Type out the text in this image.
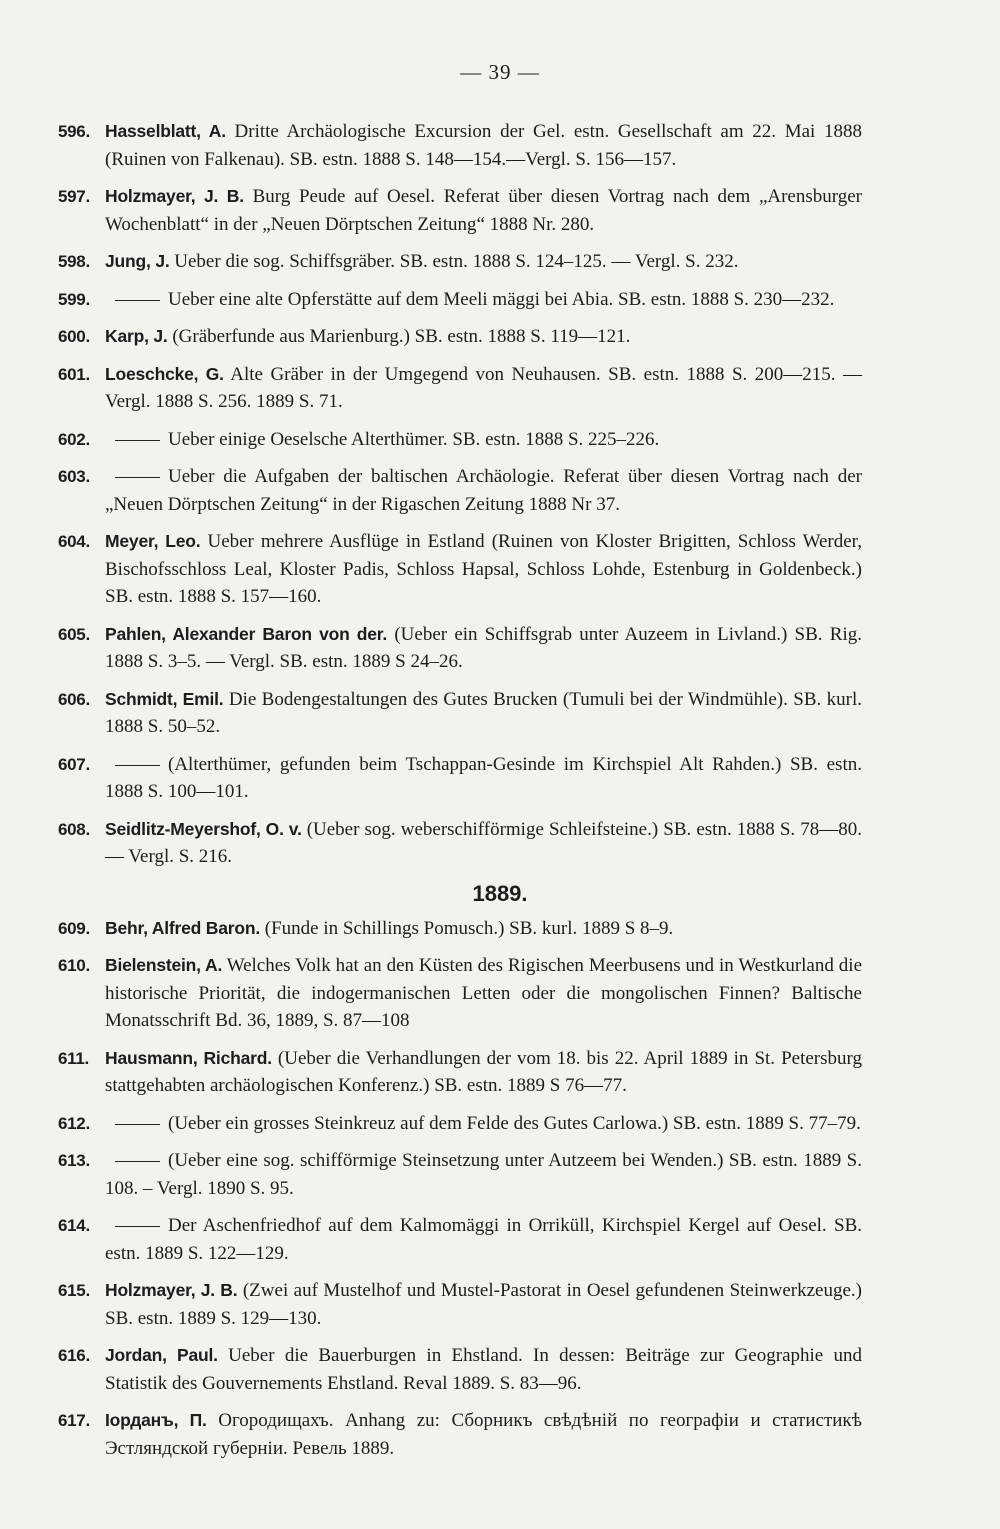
— 39 —
596. Hasselblatt, A. Dritte Archäologische Excursion der Gel. estn. Gesellschaft am 22. Mai 1888 (Ruinen von Falkenau). SB. estn. 1888 S. 148—154.—Vergl. S. 156—157.
597. Holzmayer, J. B. Burg Peude auf Oesel. Referat über diesen Vortrag nach dem „Arensburger Wochenblatt“ in der „Neuen Dörptschen Zeitung“ 1888 Nr. 280.
598. Jung, J. Ueber die sog. Schiffsgräber. SB. estn. 1888 S. 124–125. — Vergl. S. 232.
599.	Ueber eine alte Opferstätte auf dem Meeli mäggi bei Abia. SB. estn. 1888 S. 230—232.
600. Karp, J. (Gräberfunde aus Marienburg.) SB. estn. 1888 S. 119—121.
601. Loeschcke, G. Alte Gräber in der Umgegend von Neuhausen. SB. estn. 1888 S. 200—215. — Vergl. 1888 S. 256. 1889 S. 71.
602.	Ueber einige Oeselsche Alterthümer. SB. estn. 1888 S. 225–226.
603.	Ueber die Aufgaben der baltischen Archäologie. Referat über diesen Vortrag nach der „Neuen Dörptschen Zeitung“ in der Rigaschen Zeitung 1888 Nr 37.
604. Meyer, Leo. Ueber mehrere Ausflüge in Estland (Ruinen von Kloster Brigitten, Schloss Werder, Bischofsschloss Leal, Kloster Padis, Schloss Hapsal, Schloss Lohde, Estenburg in Goldenbeck.) SB. estn. 1888 S. 157—160.
605. Pahlen, Alexander Baron von der. (Ueber ein Schiffsgrab unter Auzeem in Livland.) SB. Rig. 1888 S. 3–5. — Vergl. SB. estn. 1889 S 24–26.
606. Schmidt, Emil. Die Bodengestaltungen des Gutes Brucken (Tumuli bei der Windmühle). SB. kurl. 1888 S. 50–52.
607.	(Alterthümer, gefunden beim Tschappan-Gesinde im Kirchspiel Alt Rahden.) SB. estn. 1888 S. 100—101.
608. Seidlitz-Meyershof, O. v. (Ueber sog. weberschifförmige Schleifsteine.) SB. estn. 1888 S. 78—80. — Vergl. S. 216.
1889.
609. Behr, Alfred Baron. (Funde in Schillings Pomusch.) SB. kurl. 1889 S 8–9.
610. Bielenstein, A. Welches Volk hat an den Küsten des Rigischen Meerbusens und in Westkurland die historische Priorität, die indogermanischen Letten oder die mongolischen Finnen? Baltische Monatsschrift Bd. 36, 1889, S. 87—108
611. Hausmann, Richard. (Ueber die Verhandlungen der vom 18. bis 22. April 1889 in St. Petersburg stattgehabten archäologischen Konferenz.) SB. estn. 1889 S 76—77.
612.	(Ueber ein grosses Steinkreuz auf dem Felde des Gutes Carlowa.) SB. estn. 1889 S. 77–79.
613.	(Ueber eine sog. schifförmige Steinsetzung unter Autzeem bei Wenden.) SB. estn. 1889 S. 108. – Vergl. 1890 S. 95.
614.	Der Aschenfriedhof auf dem Kalmomäggi in Orriküll, Kirchspiel Kergel auf Oesel. SB. estn. 1889 S. 122—129.
615. Holzmayer, J. B. (Zwei auf Mustelhof und Mustel-Pastorat in Oesel gefundenen Steinwerkzeuge.) SB. estn. 1889 S. 129—130.
616. Jordan, Paul. Ueber die Bauerburgen in Ehstland. In dessen: Beiträge zur Geographie und Statistik des Gouvernements Ehstland. Reval 1889. S. 83—96.
617. Іорданъ, П. Огородищахъ. Anhang zu: Сборникъ свѣдѣній по географіи и статистикѣ Эстляндской губерніи. Ревель 1889.
